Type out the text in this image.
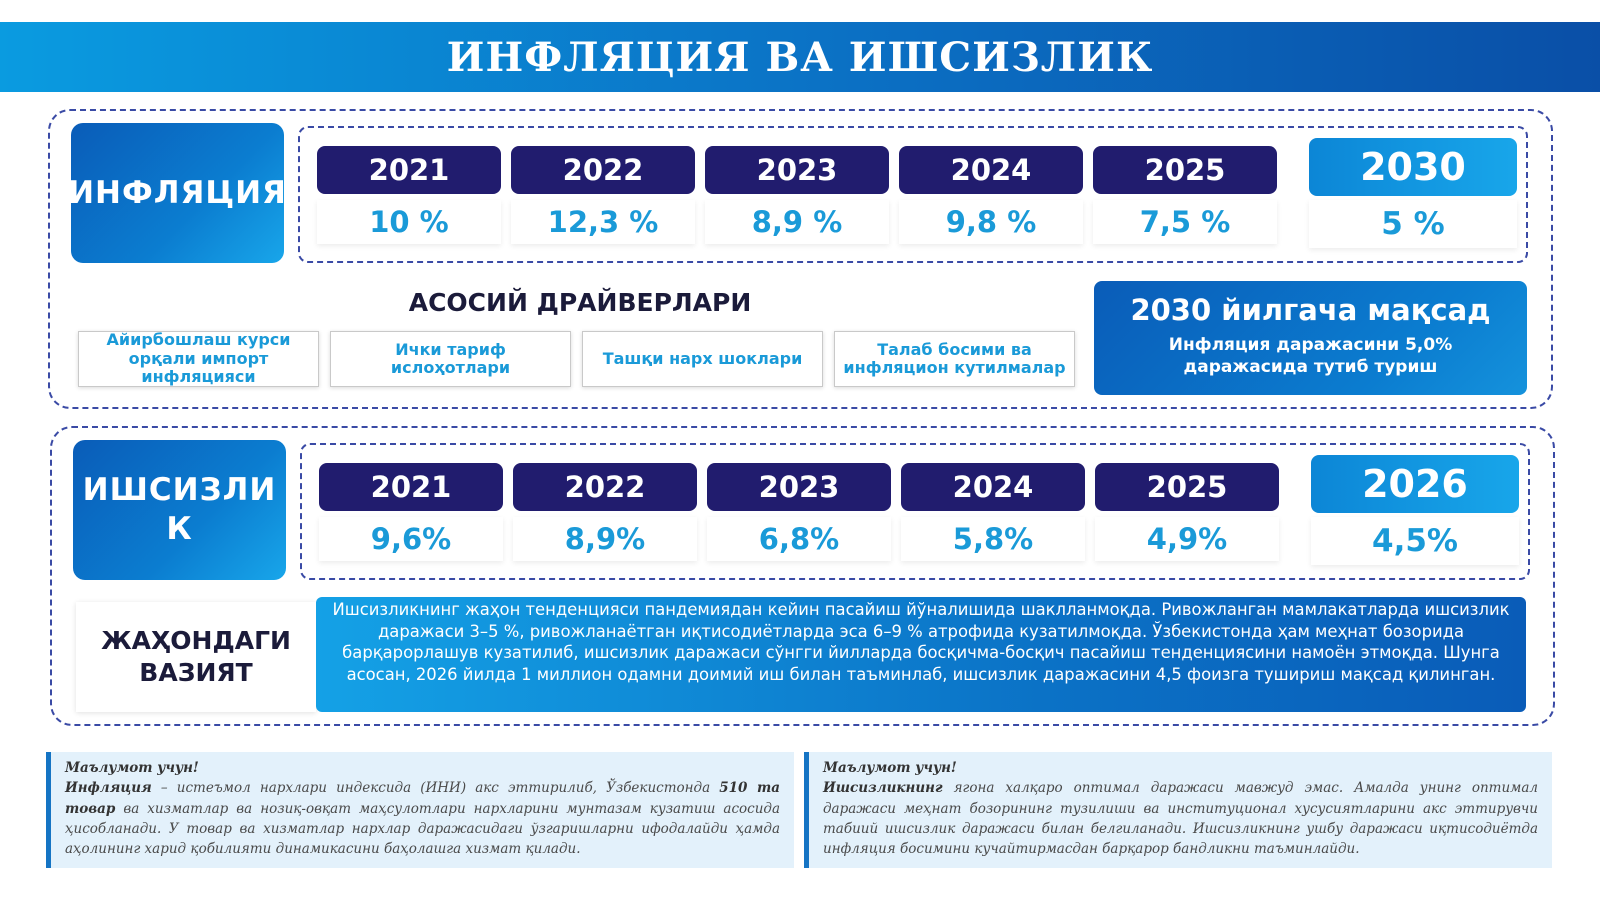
ИНФЛЯЦИЯ ВА ИШСИЗЛИК
ИНФЛЯЦИЯ
2021
10 %
2022
12,3 %
2023
8,9 %
2024
9,8 %
2025
7,5 %
2030
5 %
АСОСИЙ ДРАЙВЕРЛАРИ
Айирбошлаш курси орқали импорт инфляцияси
Ички тариф ислоҳотлари	Ташқи нарх шоклари	Талаб босими ва инфляцион кутилмалар
2030 йилгача мақсад
Инфляция даражасини 5,0% даражасида тутиб туриш
ИШСИЗЛИ К
2021
9,6%
2022
8,9%
2023
6,8%
2024
5,8%
2025
4,9%
2026
4,5%
ЖАҲОНДАГИ ВАЗИЯТ
Ишсизликнинг жаҳон тенденцияси пандемиядан кейин пасайиш йўналишида шаклланмоқда. Ривожланган мамлакатларда ишсизлик даражаси 3–5 %, ривожланаётган иқтисодиётларда эса 6–9 % атрофида кузатилмоқда. Ўзбекистонда ҳам меҳнат бозорида барқарорлашув кузатилиб, ишсизлик даражаси сўнгги йилларда босқичма-босқич пасайиш тенденциясини намоён этмоқда. Шунга асосан, 2026 йилда 1 миллион одамни доимий иш билан таъминлаб, ишсизлик даражасини 4,5 фоизга тушириш мақсад қилинган.
Маълумот учун!
Инфляция – истеъмол нархлари индексида (ИНИ) акс эттирилиб, Ўзбекистонда 510 та товар ва хизматлар ва нозиқ-овқат маҳсулотлари нархларини мунтазам кузатиш асосида ҳисобланади. У товар ва хизматлар нархлар даражасидаги ўзгаришларни ифодалайди ҳамда аҳолининг харид қобилияти динамикасини баҳолашга хизмат қилади.
Маълумот учун!
Ишсизликнинг ягона халқаро оптимал даражаси мавжуд эмас. Амалда унинг оптимал даражаси меҳнат бозорининг тузилиши ва институционал хусусиятларини акс эттирувчи табиий ишсизлик даражаси билан белгиланади. Ишсизликнинг ушбу даражаси иқтисодиётда инфляция босимини кучайтирмасдан барқарор бандликни таъминлайди.
